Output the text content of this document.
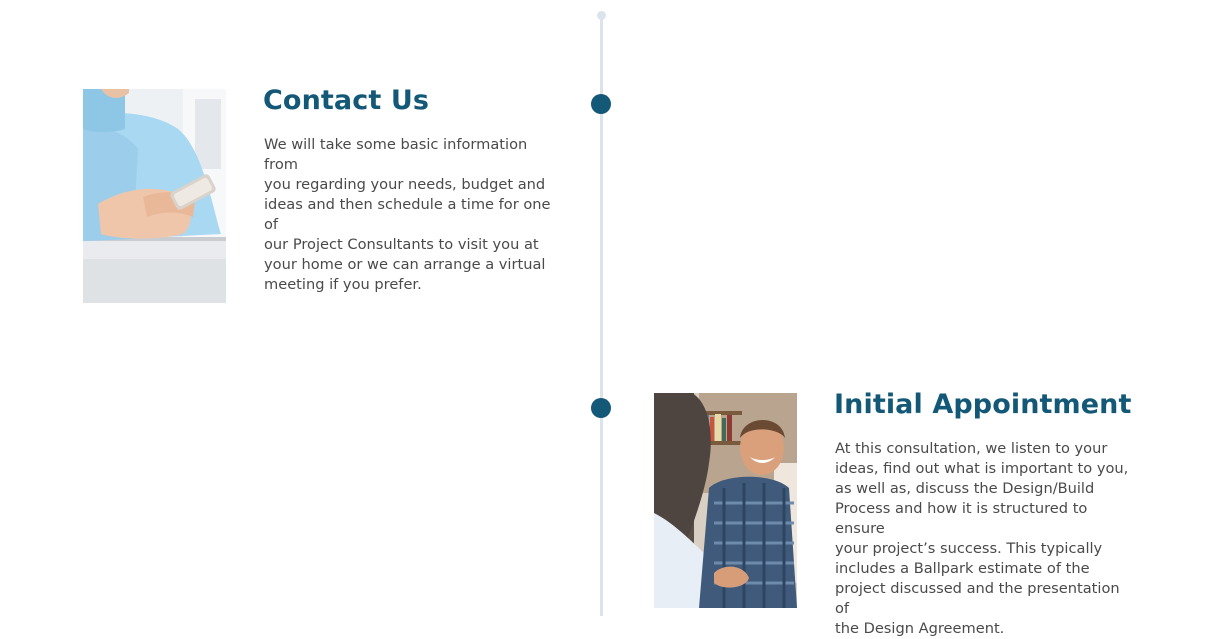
Contact Us

We will take some basic information from
you regarding your needs, budget and
ideas and then schedule a time for one of
our Project Consultants to visit you at
your home or we can arrange a virtual
meeting if you prefer.

Initial Appointment

At this consultation, we listen to your
ideas, find out what is important to you,
as well as, discuss the Design/Build
Process and how it is structured to ensure
your project’s success. This typically
includes a Ballpark estimate of the
project discussed and the presentation of
the Design Agreement.
